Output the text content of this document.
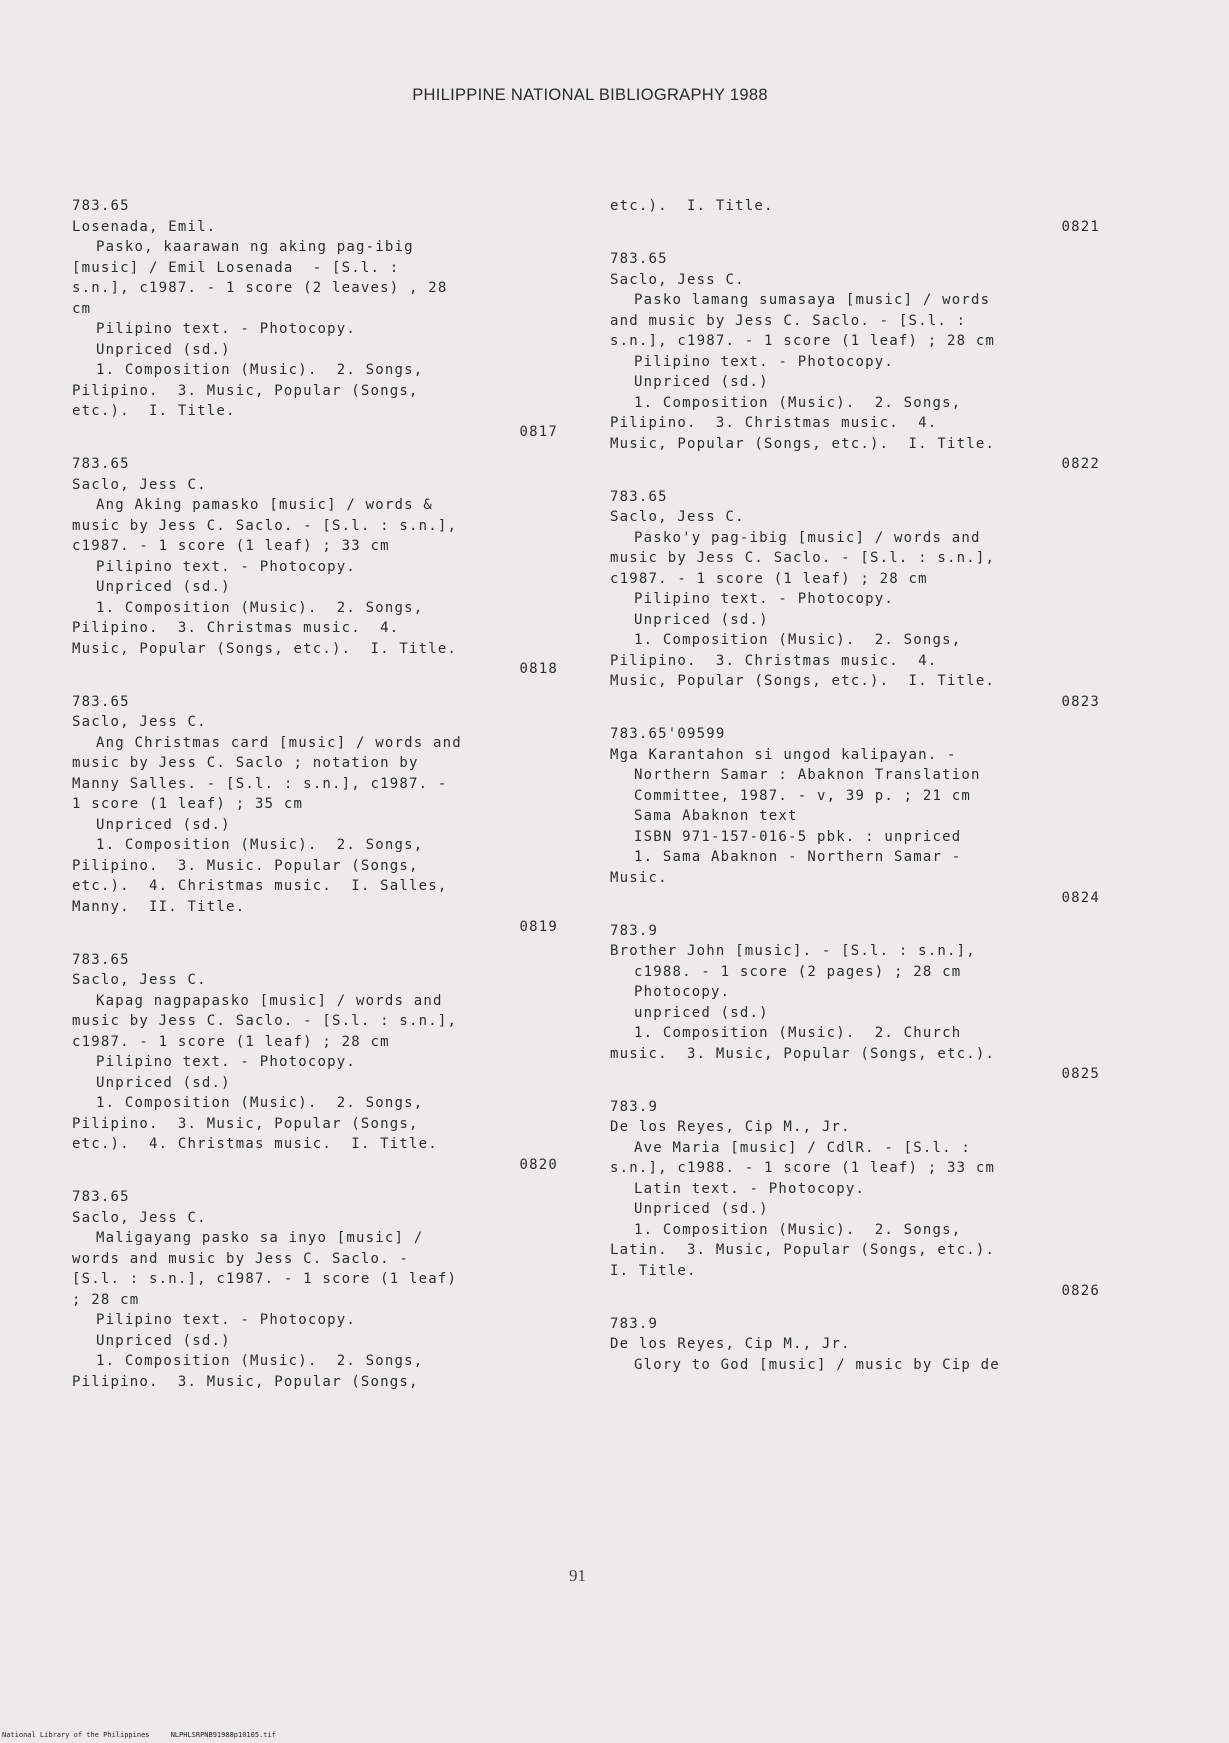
PHILIPPINE NATIONAL BIBLIOGRAPHY 1988
783.65
Losenada, Emil.
Pasko, kaarawan ng aking pag-ibig
[music] / Emil Losenada  - [S.l. :
s.n.], c1987. - 1 score (2 leaves) , 28
cm
Pilipino text. - Photocopy.
Unpriced (sd.)
1. Composition (Music).  2. Songs,
Pilipino.  3. Music, Popular (Songs,
etc.).  I. Title.
0817
783.65
Saclo, Jess C.
Ang Aking pamasko [music] / words &
music by Jess C. Saclo. - [S.l. : s.n.],
c1987. - 1 score (1 leaf) ; 33 cm
Pilipino text. - Photocopy.
Unpriced (sd.)
1. Composition (Music).  2. Songs,
Pilipino.  3. Christmas music.  4.
Music, Popular (Songs, etc.).  I. Title.
0818
783.65
Saclo, Jess C.
Ang Christmas card [music] / words and
music by Jess C. Saclo ; notation by
Manny Salles. - [S.l. : s.n.], c1987. -
1 score (1 leaf) ; 35 cm
Unpriced (sd.)
1. Composition (Music).  2. Songs,
Pilipino.  3. Music. Popular (Songs,
etc.).  4. Christmas music.  I. Salles,
Manny.  II. Title.
0819
783.65
Saclo, Jess C.
Kapag nagpapasko [music] / words and
music by Jess C. Saclo. - [S.l. : s.n.],
c1987. - 1 score (1 leaf) ; 28 cm
Pilipino text. - Photocopy.
Unpriced (sd.)
1. Composition (Music).  2. Songs,
Pilipino.  3. Music, Popular (Songs,
etc.).  4. Christmas music.  I. Title.
0820
783.65
Saclo, Jess C.
Maligayang pasko sa inyo [music] /
words and music by Jess C. Saclo. -
[S.l. : s.n.], c1987. - 1 score (1 leaf)
; 28 cm
Pilipino text. - Photocopy.
Unpriced (sd.)
1. Composition (Music).  2. Songs,
Pilipino.  3. Music, Popular (Songs,
etc.).  I. Title.
0821
783.65
Saclo, Jess C.
Pasko lamang sumasaya [music] / words
and music by Jess C. Saclo. - [S.l. :
s.n.], c1987. - 1 score (1 leaf) ; 28 cm
Pilipino text. - Photocopy.
Unpriced (sd.)
1. Composition (Music).  2. Songs,
Pilipino.  3. Christmas music.  4.
Music, Popular (Songs, etc.).  I. Title.
0822
783.65
Saclo, Jess C.
Pasko'y pag-ibig [music] / words and
music by Jess C. Saclo. - [S.l. : s.n.],
c1987. - 1 score (1 leaf) ; 28 cm
Pilipino text. - Photocopy.
Unpriced (sd.)
1. Composition (Music).  2. Songs,
Pilipino.  3. Christmas music.  4.
Music, Popular (Songs, etc.).  I. Title.
0823
783.65'09599
Mga Karantahon si ungod kalipayan. -
Northern Samar : Abaknon Translation
Committee, 1987. - v, 39 p. ; 21 cm
Sama Abaknon text
ISBN 971-157-016-5 pbk. : unpriced
1. Sama Abaknon - Northern Samar -
Music.
0824
783.9
Brother John [music]. - [S.l. : s.n.],
c1988. - 1 score (2 pages) ; 28 cm
Photocopy.
unpriced (sd.)
1. Composition (Music).  2. Church
music.  3. Music, Popular (Songs, etc.).
0825
783.9
De los Reyes, Cip M., Jr.
Ave Maria [music] / CdlR. - [S.l. :
s.n.], c1988. - 1 score (1 leaf) ; 33 cm
Latin text. - Photocopy.
Unpriced (sd.)
1. Composition (Music).  2. Songs,
Latin.  3. Music, Popular (Songs, etc.).
I. Title.
0826
783.9
De los Reyes, Cip M., Jr.
Glory to God [music] / music by Cip de
91
National Library of the Philippines     NLPHLSRPNB91988p10105.tif
